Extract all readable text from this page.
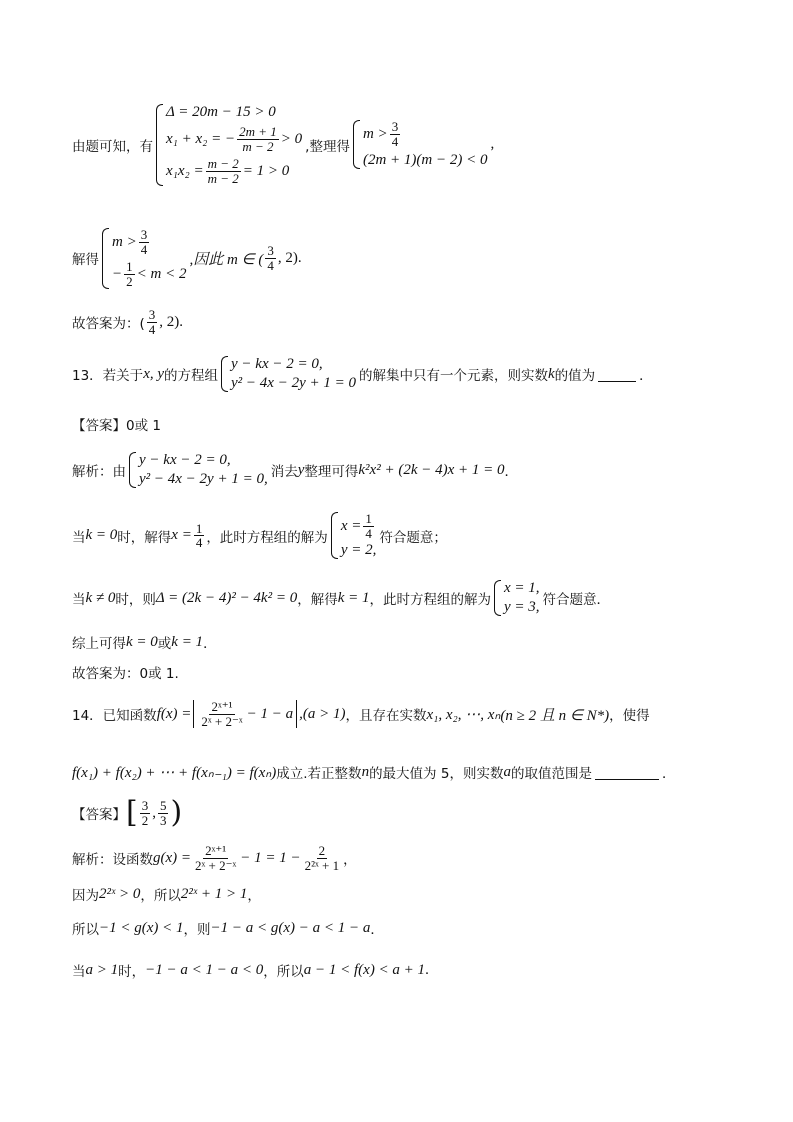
由题可知，有
Δ = 20m − 15 > 0
x₁ + x₂ = − $\frac{2m + 1}{m - 2} > 0$
$x_1x_2 = \frac{m - 2}{m - 2} = 1 > 0$
,整理得
$m > \frac{3}{4}$
(2m + 1)(m − 2) < 0
,
解得
$m > \frac{3}{4}$
− $\frac{1}{2} < m < 2$
,因此 m ∈ ( $\frac{3}{4}$ , 2).
故答案为：( $\frac{3}{4}$ , 2).
13．若关于 x, y 的方程组
y − kx − 2 = 0,
y² − 4x − 2y + 1 = 0 的解集中只有一个元素，则实数 k 的值为	．
【答案】0或 1
解析：由
y − kx − 2 = 0,
y² − 4x − 2y + 1 = 0, 消去 y 整理可得 k²x² + (2k − 4)x + 1 = 0 ．
当 k = 0 时，解得 $x = \frac{1}{4}$ ，此时方程组的解为
$x = \frac{1}{4}$
y = 2,
符合题意；
当 k ≠ 0 时，则 Δ = (2k − 4)² − 4k² = 0 ，解得 k = 1 ，此时方程组的解为
x = 1,
y = 3, 符合题意．
综上可得 k = 0 或 k = 1 ．
故答案为：0或 1.
14．已知函数 $f(x) = \frac{\text{2ˣ⁺¹}}{\text{2ˣ + 2⁻ˣ}} - 1 - a$ ,(a > 1) ，且存在实数 x₁, x₂, ⋯, xₙ (n ≥ 2 且 n ∈ N*) ，使得
f(x₁) + f(x₂) + ⋯ + f(xₙ₋₁) = f(xₙ) 成立.若正整数 n 的最大值为 5，则实数 a 的取值范围是	．
【答案】 [ $\frac{3}{2}$ , $\frac{5}{3}$ )
解析：设函数 $g(x) = \frac{\text{2ˣ⁺¹}}{\text{2ˣ + 2⁻ˣ}} - 1 = 1 - \frac{2}{\text{2²ˣ + 1}}$ ，
因为 2²ˣ > 0 ，所以 2²ˣ + 1 > 1 ，
所以 −1 < g(x) < 1 ，则 −1 − a < g(x) − a < 1 − a ．
当 a > 1 时， −1 − a < 1 − a < 0 ，所以 a − 1 < f(x) < a + 1 .
